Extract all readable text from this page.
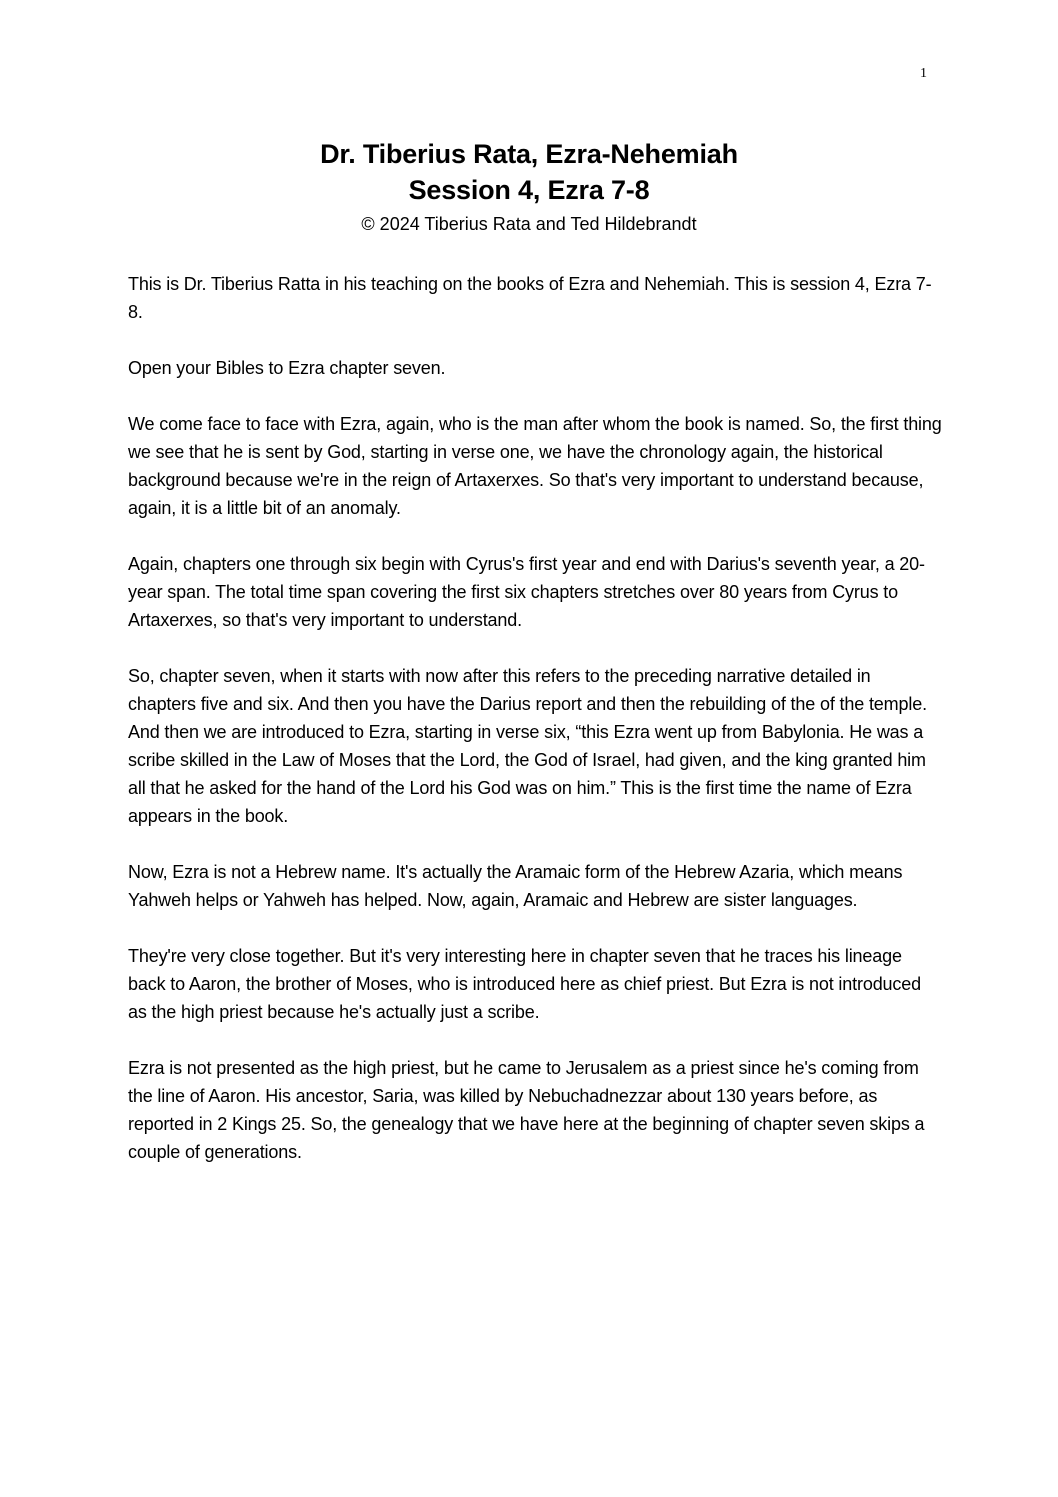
1
Dr. Tiberius Rata, Ezra-Nehemiah
Session 4, Ezra 7-8
© 2024 Tiberius Rata and Ted Hildebrandt

This is Dr. Tiberius Ratta in his teaching on the books of Ezra and Nehemiah. This is session 4, Ezra 7-8.

Open your Bibles to Ezra chapter seven.

We come face to face with Ezra, again, who is the man after whom the book is named. So, the first thing we see that he is sent by God, starting in verse one, we have the chronology again, the historical background because we're in the reign of Artaxerxes. So that's very important to understand because, again, it is a little bit of an anomaly.

Again, chapters one through six begin with Cyrus's first year and end with Darius's seventh year, a 20-year span. The total time span covering the first six chapters stretches over 80 years from Cyrus to Artaxerxes, so that's very important to understand.

So, chapter seven, when it starts with now after this refers to the preceding narrative detailed in chapters five and six. And then you have the Darius report and then the rebuilding of the of the temple. And then we are introduced to Ezra, starting in verse six, “this Ezra went up from Babylonia. He was a scribe skilled in the Law of Moses that the Lord, the God of Israel, had given, and the king granted him all that he asked for the hand of the Lord his God was on him.” This is the first time the name of Ezra appears in the book.

Now, Ezra is not a Hebrew name. It's actually the Aramaic form of the Hebrew Azaria, which means Yahweh helps or Yahweh has helped. Now, again, Aramaic and Hebrew are sister languages.

They're very close together. But it's very interesting here in chapter seven that he traces his lineage back to Aaron, the brother of Moses, who is introduced here as chief priest. But Ezra is not introduced as the high priest because he's actually just a scribe.

Ezra is not presented as the high priest, but he came to Jerusalem as a priest since he's coming from the line of Aaron. His ancestor, Saria, was killed by Nebuchadnezzar about 130 years before, as reported in 2 Kings 25. So, the genealogy that we have here at the beginning of chapter seven skips a couple of generations.
